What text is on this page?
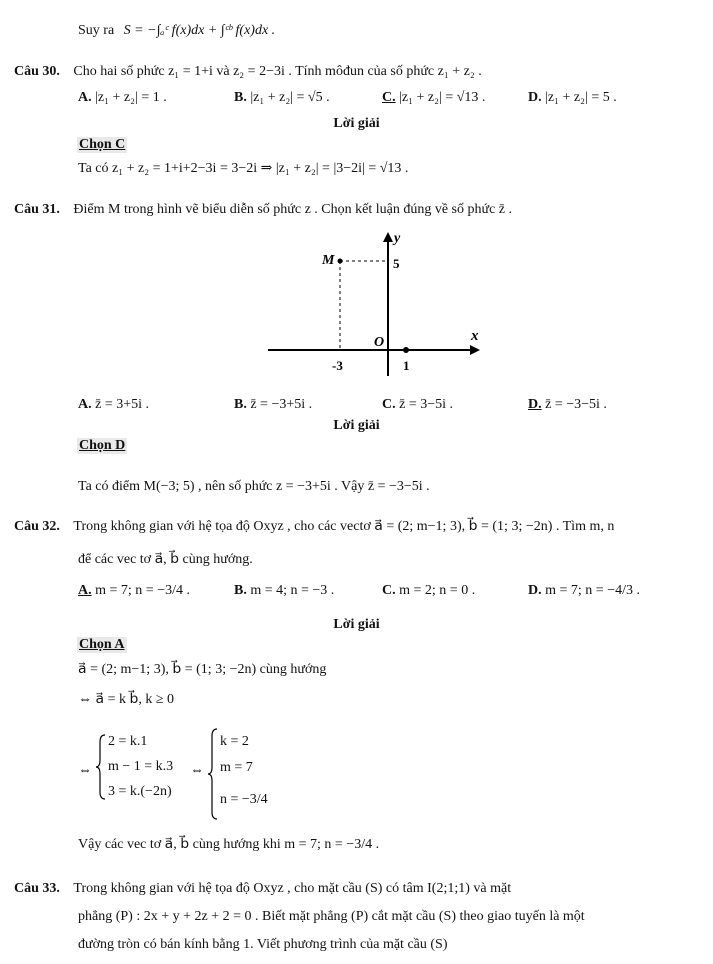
Suy ra S = −∫ₐᶜ f(x)dx + ∫ᶜᵇ f(x)dx .
Câu 30. Cho hai số phức z₁ = 1+i và z₂ = 2−3i . Tính môđun của số phức z₁ + z₂ .
A. |z₁ + z₂| = 1 .	B. |z₁ + z₂| = √5 .	C. |z₁ + z₂| = √13 .	D. |z₁ + z₂| = 5 .
Lời giải
Chọn C
Ta có z₁ + z₂ = 1+i+2−3i = 3−2i ⇒ |z₁ + z₂| = |3−2i| = √13 .
Câu 31. Điểm M trong hình vẽ biểu diễn số phức z . Chọn kết luận đúng về số phức z̄ .
y
x
O
M	5
-3	1
A. z̄ = 3+5i .	B. z̄ = −3+5i .	C. z̄ = 3−5i .	D. z̄ = −3−5i .
Lời giải
Chọn D
Ta có điểm M(−3; 5) , nên số phức z = −3+5i . Vậy z̄ = −3−5i .
Câu 32. Trong không gian với hệ tọa độ Oxyz , cho các vectơ a⃗ = (2; m−1; 3), b⃗ = (1; 3; −2n) . Tìm m, n
để các vec tơ a⃗, b⃗ cùng hướng.
A. m = 7; n = −3/4 .	B. m = 4; n = −3 .	C. m = 2; n = 0 .	D. m = 7; n = −4/3 .
Lời giải
Chọn A
a⃗ = (2; m−1; 3), b⃗ = (1; 3; −2n) cùng hướng
⇔ a⃗ = k b⃗, k ≥ 0
⇔
2 = k.1
m − 1 = k.3
3 = k.(−2n)
⇔
k = 2
m = 7
n = −3/4
Vậy các vec tơ a⃗, b⃗ cùng hướng khi m = 7; n = −3/4 .
Câu 33. Trong không gian với hệ tọa độ Oxyz , cho mặt cầu (S) có tâm I(2;1;1) và mặt
phẳng (P) : 2x + y + 2z + 2 = 0 . Biết mặt phẳng (P) cắt mặt cầu (S) theo giao tuyến là một
đường tròn có bán kính bằng 1. Viết phương trình của mặt cầu (S)
